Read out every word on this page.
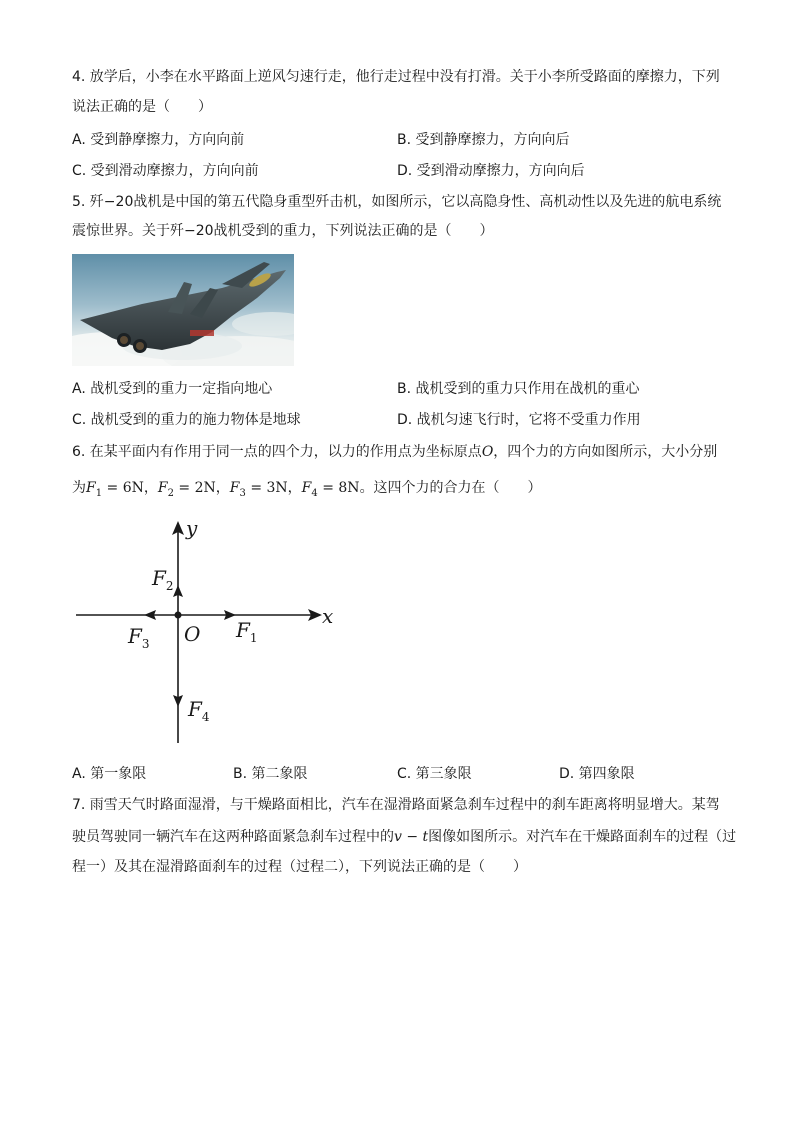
4. 放学后，小李在水平路面上逆风匀速行走，他行走过程中没有打滑。关于小李所受路面的摩擦力，下列
说法正确的是（　　）
A. 受到静摩擦力，方向向前	B. 受到静摩擦力，方向向后
C. 受到滑动摩擦力，方向向前	D. 受到滑动摩擦力，方向向后
5. 歼−20战机是中国的第五代隐身重型歼击机，如图所示，它以高隐身性、高机动性以及先进的航电系统
震惊世界。关于歼−20战机受到的重力，下列说法正确的是（　　）
A. 战机受到的重力一定指向地心	B. 战机受到的重力只作用在战机的重心
C. 战机受到的重力的施力物体是地球	D. 战机匀速飞行时，它将不受重力作用
6. 在某平面内有作用于同一点的四个力，以力的作用点为坐标原点O，四个力的方向如图所示，大小分别
为$F_1 = 6N$，$F_2 = 2N$，$F_3 = 3N$，$F_4 = 8N$。这四个力的合力在（　　）
y
x
O
$F_2$
$F_1$
$F_3$
$F_4$
A. 第一象限	B. 第二象限	C. 第三象限	D. 第四象限
7. 雨雪天气时路面湿滑，与干燥路面相比，汽车在湿滑路面紧急刹车过程中的刹车距离将明显增大。某驾
驶员驾驶同一辆汽车在这两种路面紧急刹车过程中的v − t图像如图所示。对汽车在干燥路面刹车的过程（过
程一）及其在湿滑路面刹车的过程（过程二），下列说法正确的是（　　）
